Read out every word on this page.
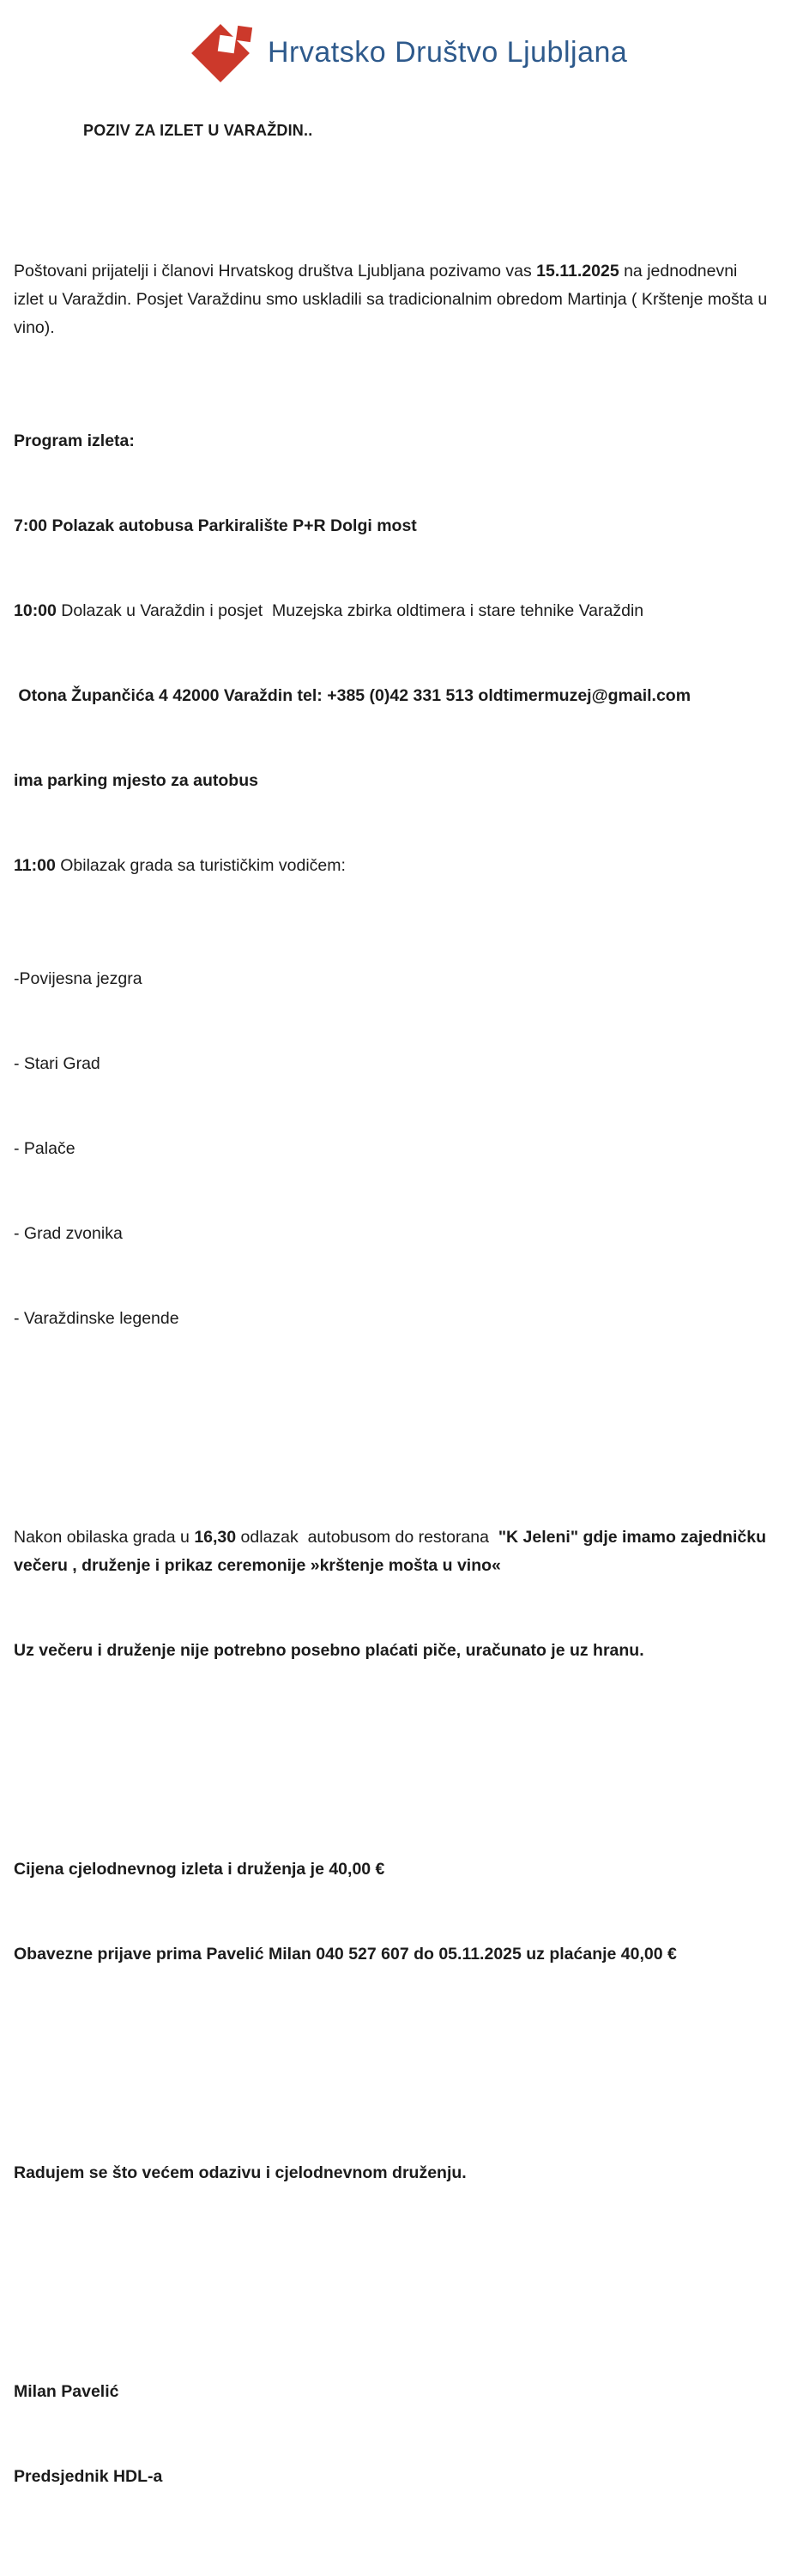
Hrvatsko Društvo Ljubljana
POZIV ZA IZLET U VARAŽDIN..

Poštovani prijatelji i članovi Hrvatskog društva Ljubljana pozivamo vas 15.11.2025 na jednodnevni izlet u Varaždin. Posjet Varaždinu smo uskladili sa tradicionalnim obredom Martinja ( Krštenje mošta u vino).

Program izleta:

7:00 Polazak autobusa Parkiralište P+R Dolgi most

10:00 Dolazak u Varaždin i posjet  Muzejska zbirka oldtimera i stare tehnike Varaždin

Otona Župančića 4 42000 Varaždin tel: +385 (0)42 331 513 oldtimermuzej@gmail.com

ima parking mjesto za autobus

11:00 Obilazak grada sa turističkim vodičem:

-Povijesna jezgra

- Stari Grad

- Palače

- Grad zvonika

- Varaždinske legende

Nakon obilaska grada u 16,30 odlazak  autobusom do restorana  "K Jeleni" gdje imamo zajedničku večeru , druženje i prikaz ceremonije »krštenje mošta u vino«

Uz večeru i druženje nije potrebno posebno plaćati piče, uračunato je uz hranu.

Cijena cjelodnevnog izleta i druženja je 40,00 €

Obavezne prijave prima Pavelić Milan 040 527 607 do 05.11.2025 uz plaćanje 40,00 €

Radujem se što većem odazivu i cjelodnevnom druženju.

Milan Pavelić

Predsjednik HDL-a
